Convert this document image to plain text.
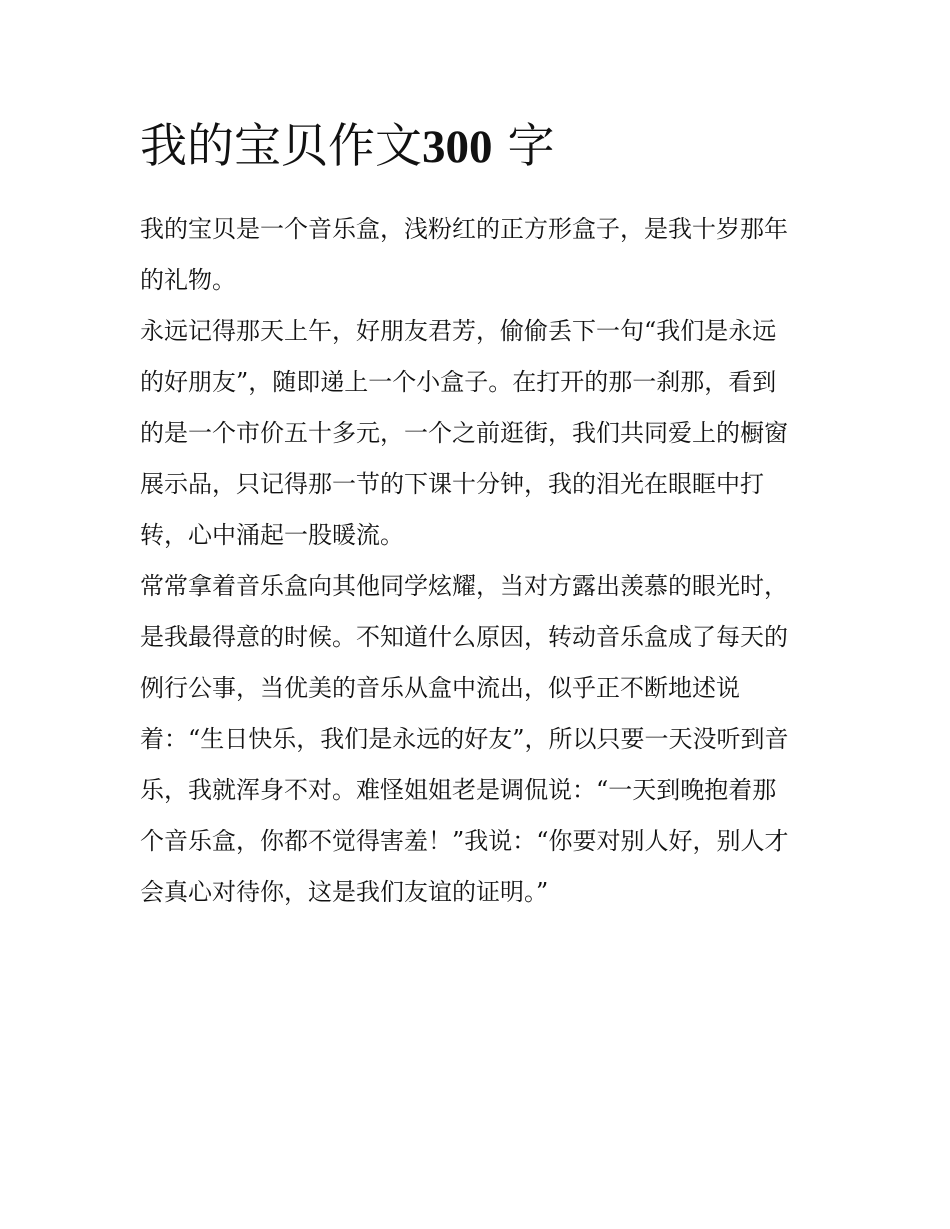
我的宝贝作文300 字

我的宝贝是一个音乐盒，浅粉红的正方形盒子，是我十岁那年
的礼物。

永远记得那天上午，好朋友君芳，偷偷丢下一句“我们是永远
的好朋友”，随即递上一个小盒子。在打开的那一刹那，看到
的是一个市价五十多元，一个之前逛街，我们共同爱上的橱窗
展示品，只记得那一节的下课十分钟，我的泪光在眼眶中打
转，心中涌起一股暖流。

常常拿着音乐盒向其他同学炫耀，当对方露出羡慕的眼光时，
是我最得意的时候。不知道什么原因，转动音乐盒成了每天的
例行公事，当优美的音乐从盒中流出，似乎正不断地述说
着：“生日快乐，我们是永远的好友”，所以只要一天没听到音
乐，我就浑身不对。难怪姐姐老是调侃说：“一天到晚抱着那
个音乐盒，你都不觉得害羞！”我说：“你要对别人好，别人才
会真心对待你，这是我们友谊的证明。”
